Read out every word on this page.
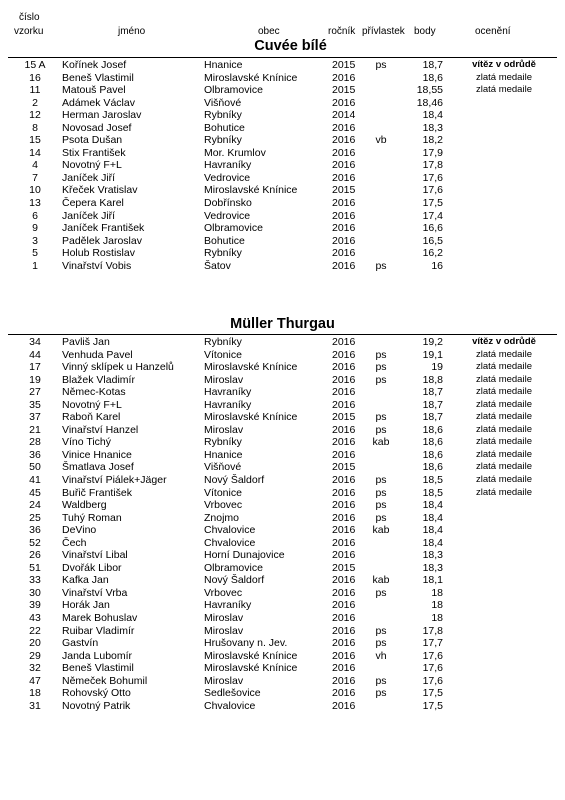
číslo
vzorku	jméno	obec	ročník přívlastek body	ocenění
Cuvée bílé
15 A	Kořínek Josef	Hnanice	2015	ps	18,7	vítěz v odrůdě
16	Beneš Vlastimil	Miroslavské Knínice	2016	18,6	zlatá medaile
11	Matouš Pavel	Olbramovice	2015	18,55	zlatá medaile
2	Adámek Václav	Višňové	2016	18,46
12	Herman Jaroslav	Rybníky	2014	18,4
8	Novosad Josef	Bohutice	2016	18,3
15	Psota Dušan	Rybníky	2016	vb	18,2
14	Stix František	Mor. Krumlov	2016	17,9
4	Novotný F+L	Havraníky	2016	17,8
7	Janíček Jiří	Vedrovice	2016	17,6
10	Křeček Vratislav	Miroslavské Knínice	2015	17,6
13	Čepera Karel	Dobřínsko	2016	17,5
6	Janíček Jiří	Vedrovice	2016	17,4
9	Janíček František	Olbramovice	2016	16,6
3	Padělek Jaroslav	Bohutice	2016	16,5
5	Holub Rostislav	Rybníky	2016	16,2
1	Vinařství Vobis	Šatov	2016	ps	16
Müller Thurgau
34	Pavliš Jan	Rybníky	2016	19,2	vítěz v odrůdě
44	Venhuda Pavel	Vítonice	2016	ps	19,1	zlatá medaile
17	Vinný sklípek u Hanzelů	Miroslavské Knínice	2016	ps	19	zlatá medaile
19	Blažek Vladimír	Miroslav	2016	ps	18,8	zlatá medaile
27	Němec-Kotas	Havraníky	2016	18,7	zlatá medaile
35	Novotný F+L	Havraníky	2016	18,7	zlatá medaile
37	Raboň Karel	Miroslavské Knínice	2015	ps	18,7	zlatá medaile
21	Vinařství Hanzel	Miroslav	2016	ps	18,6	zlatá medaile
28	Víno Tichý	Rybníky	2016	kab	18,6	zlatá medaile
36	Vinice Hnanice	Hnanice	2016	18,6	zlatá medaile
50	Šmatlava Josef	Višňové	2015	18,6	zlatá medaile
41	Vinařství Piálek+Jäger	Nový Šaldorf	2016	ps	18,5	zlatá medaile
45	Buřič František	Vítonice	2016	ps	18,5	zlatá medaile
24	Waldberg	Vrbovec	2016	ps	18,4
25	Tuhý Roman	Znojmo	2016	ps	18,4
36	DeVino	Chvalovice	2016	kab	18,4
52	Čech	Chvalovice	2016	18,4
26	Vinařství Libal	Horní Dunajovice	2016	18,3
51	Dvořák Libor	Olbramovice	2015	18,3
33	Kafka Jan	Nový Šaldorf	2016	kab	18,1
30	Vinařství Vrba	Vrbovec	2016	ps	18
39	Horák Jan	Havraníky	2016	18
43	Marek Bohuslav	Miroslav	2016	18
22	Ruibar Vladimír	Miroslav	2016	ps	17,8
20	Gastvín	Hrušovany n. Jev.	2016	ps	17,7
29	Janda Lubomír	Miroslavské Knínice	2016	vh	17,6
32	Beneš Vlastimil	Miroslavské Knínice	2016	17,6
47	Němeček Bohumil	Miroslav	2016	ps	17,6
18	Rohovský Otto	Sedlešovice	2016	ps	17,5
31	Novotný Patrik	Chvalovice	2016	17,5
